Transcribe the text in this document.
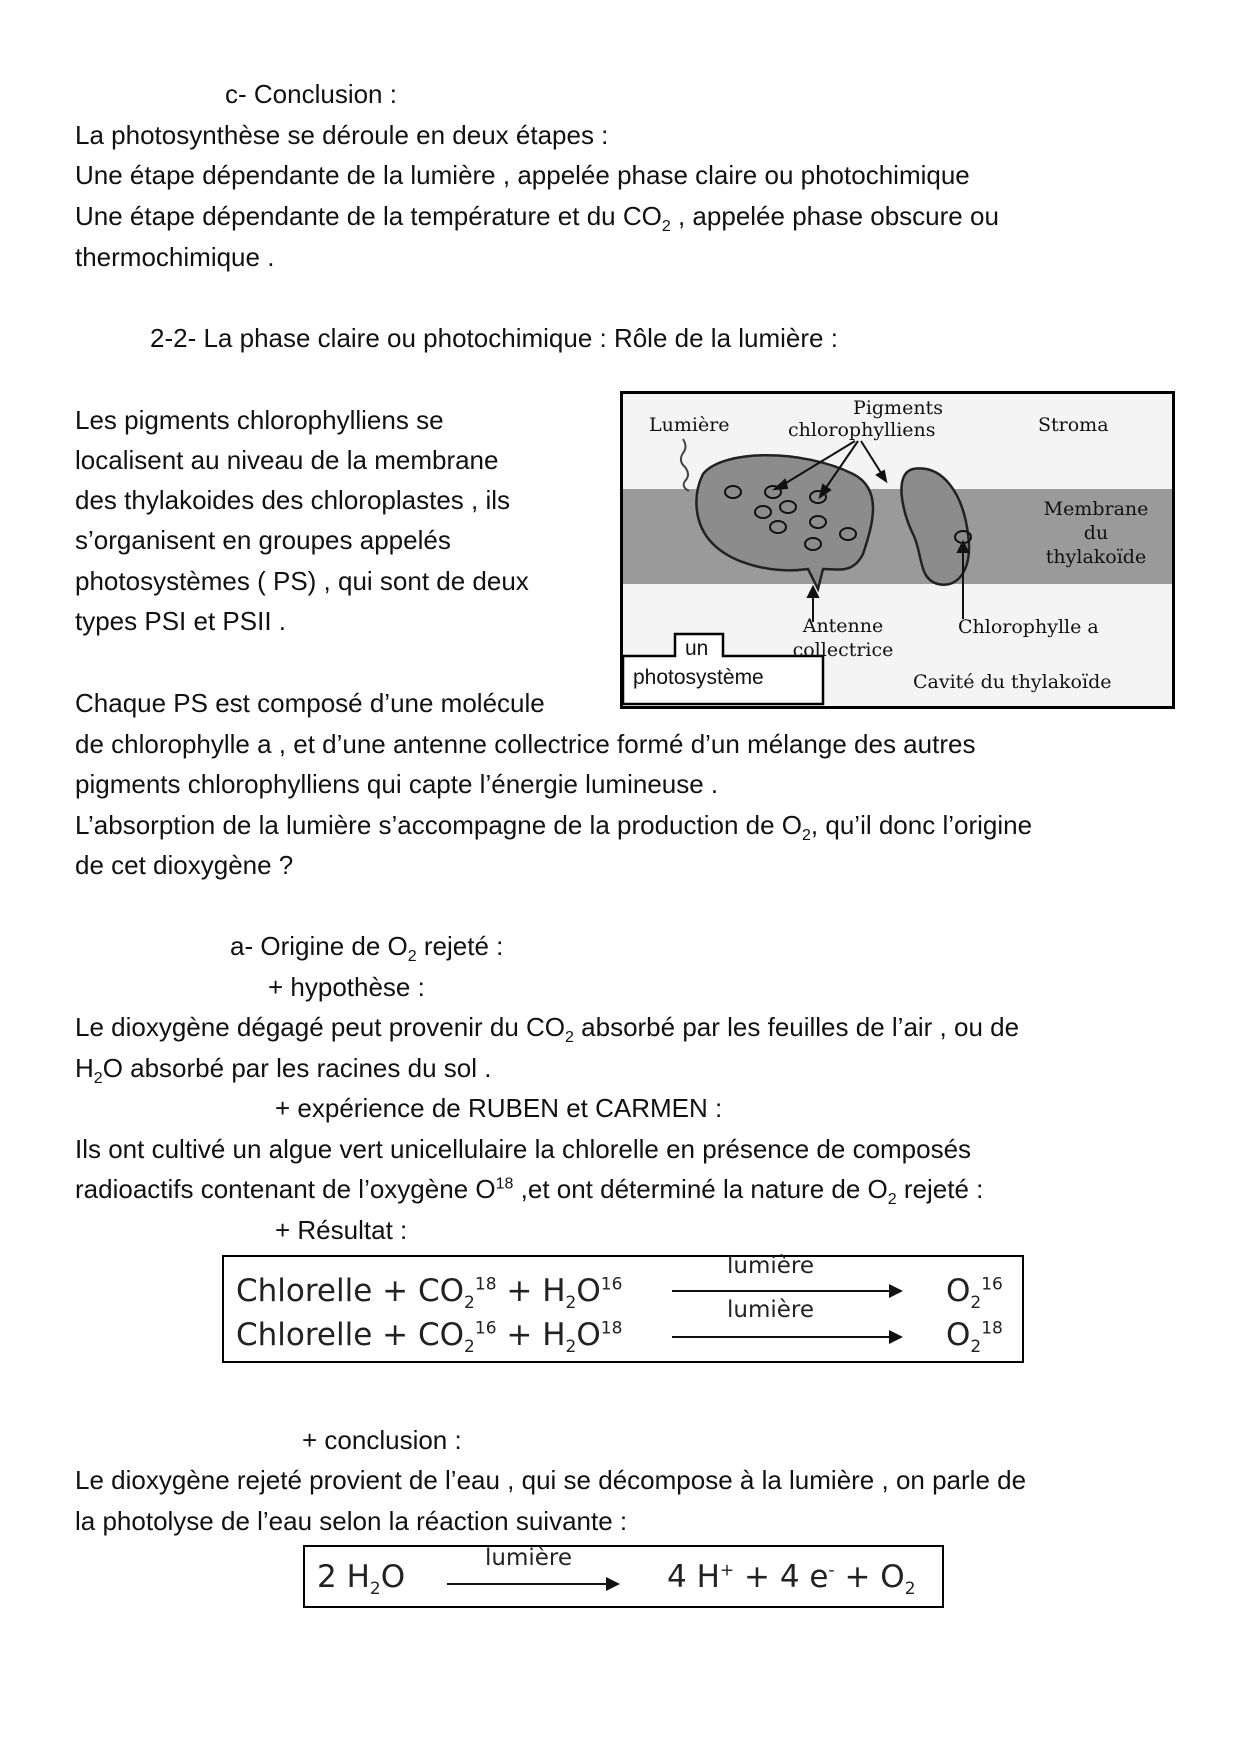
c- Conclusion :
La photosynthèse se déroule en deux étapes :
Une étape dépendante de la lumière , appelée phase claire ou photochimique
Une étape dépendante de la température et du $CO_2$ , appelée phase obscure ou
thermochimique .
2-2- La phase claire ou photochimique : Rôle de la lumière :
Les pigments chlorophylliens se
localisent au niveau de la membrane
des thylakoides des chloroplastes , ils
s’organisent en groupes appelés
photosystèmes ( PS) , qui sont de deux
types PSI et PSII .
Lumière
Pigments
chlorophylliens	Stroma
Membrane
du
thylakoïde
Antenne
collectrice
Chlorophylle a
un
photosystème	Cavité du thylakoïde
Chaque PS est composé d’une molécule
de chlorophylle a , et d’une antenne collectrice formé d’un mélange des autres
pigments chlorophylliens qui capte l’énergie lumineuse .
L’absorption de la lumière s’accompagne de la production de $O_2$, qu’il donc l’origine
de cet dioxygène ?
a- Origine de $O_2$ rejeté :
+ hypothèse :
Le dioxygène dégagé peut provenir du $CO_2$ absorbé par les feuilles de l’air , ou de
$H_2O$ absorbé par les racines du sol .
+ expérience de RUBEN et CARMEN :
Ils ont cultivé un algue vert unicellulaire la chlorelle en présence de composés
radioactifs contenant de l’oxygène $O^{18}$ ,et ont déterminé la nature de $O_2$ rejeté :
+ Résultat :
Chlorelle + $CO_2^{18} + H_2O^{16}$
lumière
$O_2^{16}$
Chlorelle + $CO_2^{16} + H_2O^{18}$
lumière
$O_2^{18}$
+ conclusion :
Le dioxygène rejeté provient de l’eau , qui se décompose à la lumière , on parle de
la photolyse de l’eau selon la réaction suivante :
2 $H_2O$
lumière
4 H+ + 4 $e^- + O_2$
